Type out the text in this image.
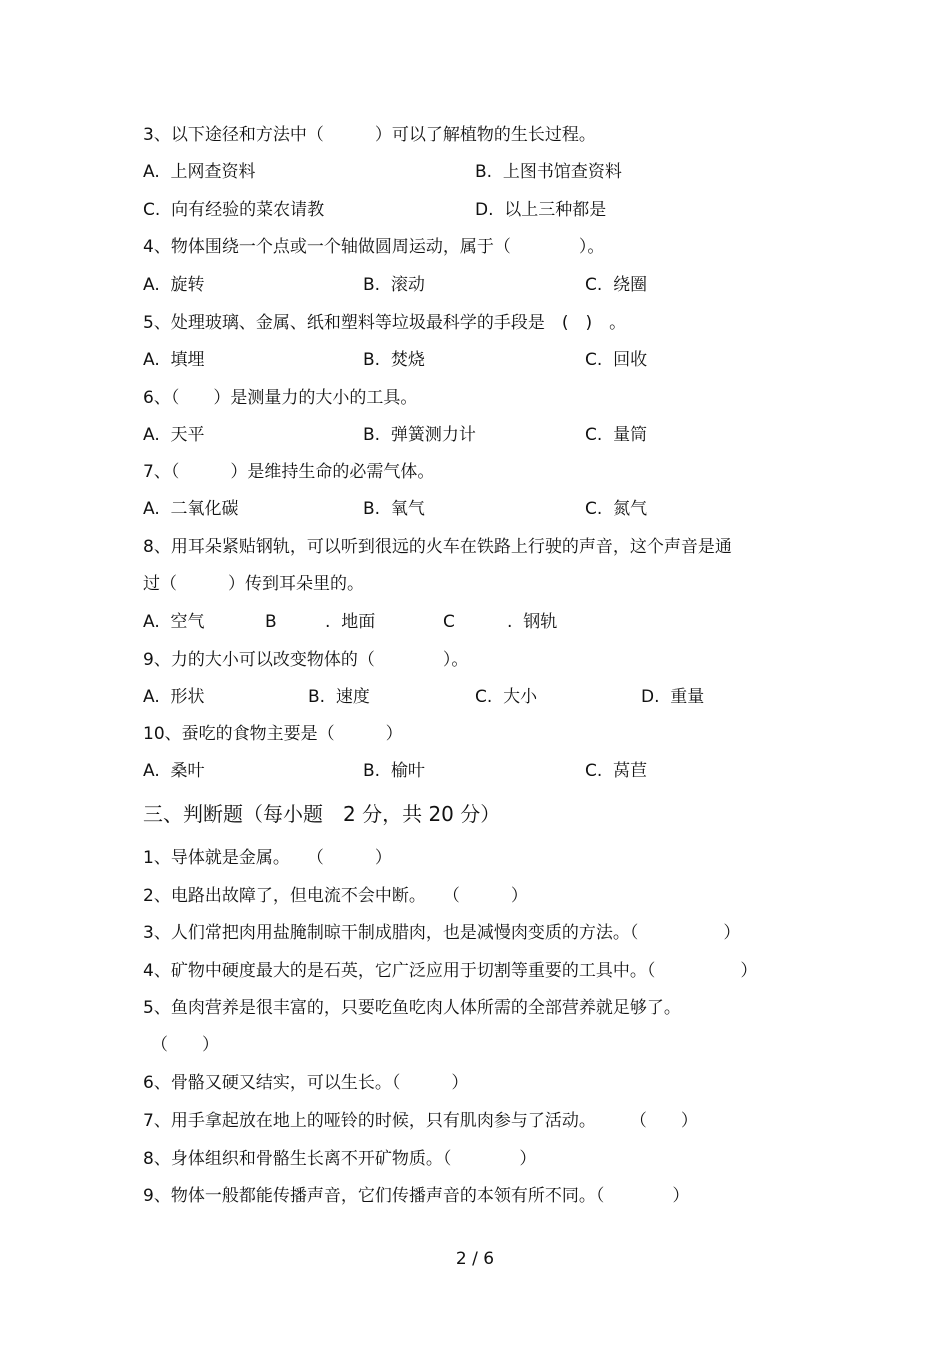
3、以下途径和方法中（　　　）可以了解植物的生长过程。
A.  上网查资料	B.  上图书馆查资料
C.  向有经验的菜农请教	D.  以上三种都是
4、物体围绕一个点或一个轴做圆周运动，属于（　　　　）。
A.  旋转	B.  滚动	C.  绕圈
5、处理玻璃、金属、纸和塑料等垃圾最科学的手段是　(　)　。
A.  填埋	B.  焚烧	C.  回收
6、（　　）是测量力的大小的工具。
A.  天平	B.  弹簧测力计	C.  量筒
7、（　　　）是维持生命的必需气体。
A.  二氧化碳	B.  氧气	C.  氮气
8、用耳朵紧贴钢轨，可以听到很远的火车在铁路上行驶的声音，这个声音是通
过（　　　）传到耳朵里的。
A.  空气	B	.  地面	C	.  钢轨
9、力的大小可以改变物体的（　　　　）。
A.  形状	B.  速度	C.  大小	D.  重量
10、蚕吃的食物主要是（　　　）
A.  桑叶	B.  榆叶	C.  莴苣
三、判断题（每小题　2 分，共 20 分）
1、导体就是金属。　　（　　　）
2、电路出故障了，但电流不会中断。　　（　　　）
3、人们常把肉用盐腌制晾干制成腊肉，也是减慢肉变质的方法。（　　　　　）
4、矿物中硬度最大的是石英，它广泛应用于切割等重要的工具中。（　　　　　）
5、鱼肉营养是很丰富的，只要吃鱼吃肉人体所需的全部营养就足够了。
（　　）
6、骨骼又硬又结实，可以生长。（　　　）
7、用手拿起放在地上的哑铃的时候，只有肌肉参与了活动。　　　（　　）
8、身体组织和骨骼生长离不开矿物质。（　　　　）
9、物体一般都能传播声音，它们传播声音的本领有所不同。（　　　　）
2 / 6
